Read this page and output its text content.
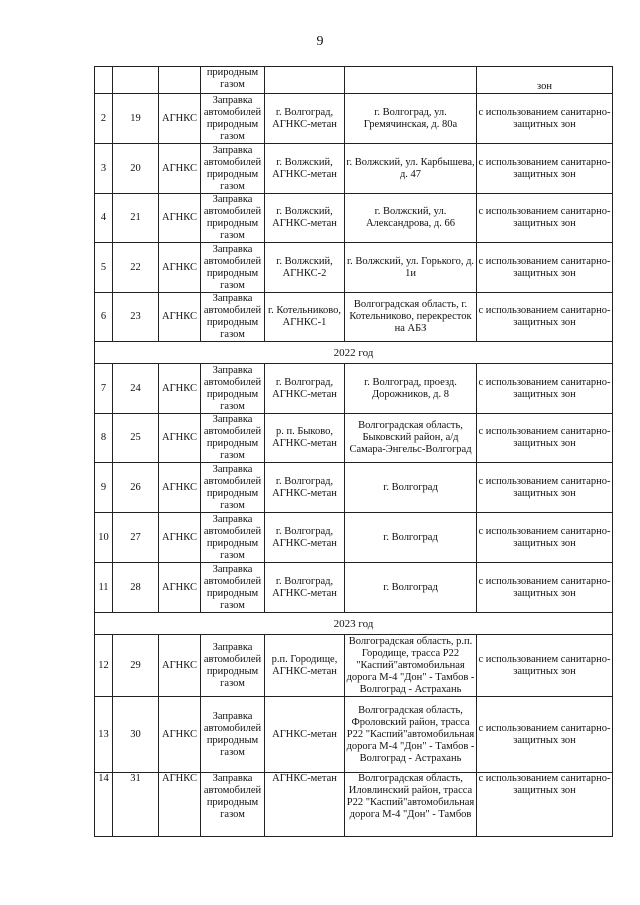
9
			природным газом			зон
2	19	АГНКС	Заправка автомобилей природным газом	г. Волгоград, АГНКС-метан	г. Волгоград, ул. Гремячинская, д. 80а	с использованием санитарно-защитных зон
3	20	АГНКС	Заправка автомобилей природным газом	г. Волжский, АГНКС-метан	г. Волжский, ул. Карбышева, д. 47	с использованием санитарно-защитных зон
4	21	АГНКС	Заправка автомобилей природным газом	г. Волжский, АГНКС-метан	г. Волжский, ул. Александрова, д. 66	с использованием санитарно-защитных зон
5	22	АГНКС	Заправка автомобилей природным газом	г. Волжский, АГНКС-2	г. Волжский, ул. Горького, д. 1и	с использованием санитарно-защитных зон
6	23	АГНКС	Заправка автомобилей природным газом	г. Котельниково, АГНКС-1	Волгоградская область, г. Котельниково, перекресток на АБЗ	с использованием санитарно-защитных зон
2022 год						
7	24	АГНКС	Заправка автомобилей природным газом	г. Волгоград, АГНКС-метан	г. Волгоград, проезд. Дорожников, д. 8	с использованием санитарно-защитных зон
8	25	АГНКС	Заправка автомобилей природным газом	р. п. Быково, АГНКС-метан	Волгоградская область, Быковский район, а/д Самара-Энгельс-Волгоград	с использованием санитарно-защитных зон
9	26	АГНКС	Заправка автомобилей природным газом	г. Волгоград, АГНКС-метан	г. Волгоград	с использованием санитарно-защитных зон
10	27	АГНКС	Заправка автомобилей природным газом	г. Волгоград, АГНКС-метан	г. Волгоград	с использованием санитарно-защитных зон
11	28	АГНКС	Заправка автомобилей природным газом	г. Волгоград, АГНКС-метан	г. Волгоград	с использованием санитарно-защитных зон
2023 год						
12	29	АГНКС	Заправка автомобилей природным газом	р.п. Городище, АГНКС-метан	Волгоградская область, р.п. Городище, трасса Р22 "Каспий"автомобильная дорога М-4 "Дон" - Тамбов - Волгоград - Астрахань	с использованием санитарно-защитных зон
13	30	АГНКС	Заправка автомобилей природным газом	АГНКС-метан	Волгоградская область, Фроловский район, трасса Р22 "Каспий"автомобильная дорога М-4 "Дон" - Тамбов - Волгоград - Астрахань	с использованием санитарно-защитных зон
14	31	АГНКС	Заправка автомобилей природным газом	АГНКС-метан	Волгоградская область, Иловлинский район, трасса Р22 "Каспий"автомобильная дорога М-4 "Дон" - Тамбов	с использованием санитарно-защитных зон
